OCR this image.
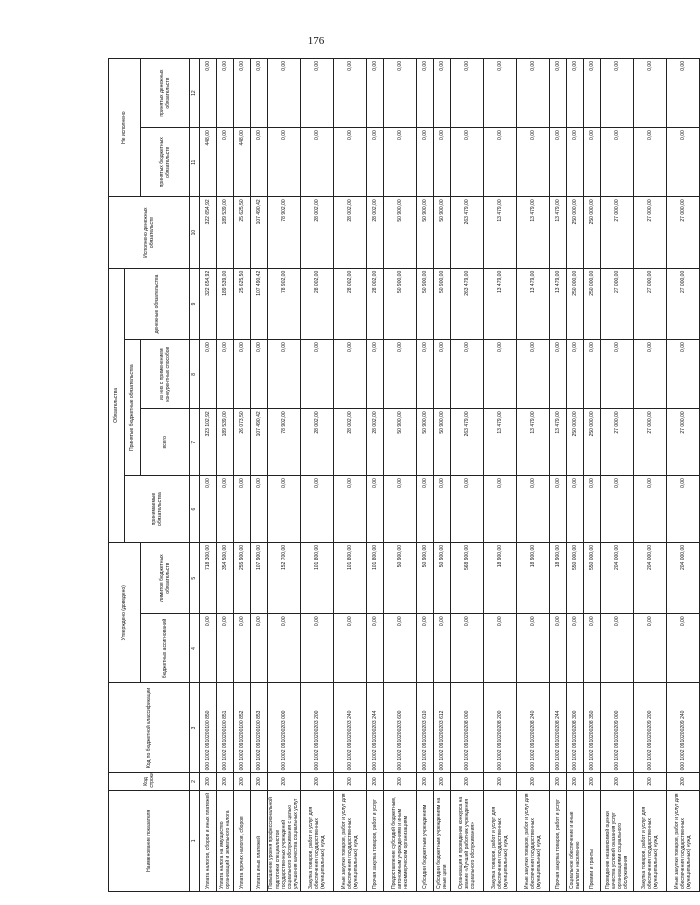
176
Наименование показателя	Код строки	Код по бюджетной классификации	Утверждено (доведено)		Обязательства				Исполнено денежных обязательств	Не исполнено	
					принимаемые обязательства	Принятые бюджетные обязательства		денежные обязательства			
			бюджетных ассигнований	лимитов бюджетных обязательств		всего	из них с применением конкурентных способов			принятых бюджетных обязательств	принятых денежных обязательств
1	2	3	4	5	6	7	8	9	10	11	12
Уплата налогов, сборов и иных платежей	200	000 1002 0910200100 850	0,00	718 300,00	0,00	323 102,92	0,00	322 654,92	322 654,92	448,00	0,00
Уплата налога на имущество организаций и земельного налога	200	000 1002 0910200100 851	0,00	354 500,00	0,00	189 539,00	0,00	189 539,00	189 539,00	0,00	0,00
Уплата прочих налогов, сборов	200	000 1002 0910200100 852	0,00	255 900,00	0,00	26 073,50	0,00	25 625,50	25 625,50	448,00	0,00
Уплата иных платежей	200	000 1002 0910200100 853	0,00	107 900,00	0,00	107 490,42	0,00	107 490,42	107 490,42	0,00	0,00
Повышение уровня профессиональной подготовки специалистов государственных учреждений социального обслуживания с целью улучшения качества социальных услуг	200	000 1002 0910200203 000	0,00	152 700,00	0,00	78 902,00	0,00	78 902,00	78 902,00	0,00	0,00
Закупка товаров, работ и услуг для обеспечения государственных (муниципальных) нужд	200	000 1002 0910200203 200	0,00	101 800,00	0,00	28 002,00	0,00	28 002,00	28 002,00	0,00	0,00
Иные закупки товаров, работ и услуг для обеспечения государственных (муниципальных) нужд	200	000 1002 0910200203 240	0,00	101 800,00	0,00	28 002,00	0,00	28 002,00	28 002,00	0,00	0,00
Прочая закупка товаров, работ и услуг	200	000 1002 0910200203 244	0,00	101 800,00	0,00	28 002,00	0,00	28 002,00	28 002,00	0,00	0,00
Предоставление субсидий бюджетным, автономным учреждениям и иным некоммерческим организациям	200	000 1002 0910200203 600	0,00	50 900,00	0,00	50 900,00	0,00	50 900,00	50 900,00	0,00	0,00
Субсидии бюджетным учреждениям	200	000 1002 0910200203 610	0,00	50 900,00	0,00	50 900,00	0,00	50 900,00	50 900,00	0,00	0,00
Субсидии бюджетным учреждениям на иные цели	200	000 1002 0910200203 612	0,00	50 900,00	0,00	50 900,00	0,00	50 900,00	50 900,00	0,00	0,00
Организация и проведение конкурса на звание «Лучший работник учреждения социального обслуживания»	200	000 1002 0910200208 000	0,00	568 900,00	0,00	263 479,00	0,00	263 479,00	263 479,00	0,00	0,00
Закупка товаров, работ и услуг для обеспечения государственных (муниципальных) нужд	200	000 1002 0910200208 200	0,00	18 900,00	0,00	13 479,00	0,00	13 479,00	13 479,00	0,00	0,00
Иные закупки товаров, работ и услуг для обеспечения государственных (муниципальных) нужд	200	000 1002 0910200208 240	0,00	18 900,00	0,00	13 479,00	0,00	13 479,00	13 479,00	0,00	0,00
Прочая закупка товаров, работ и услуг	200	000 1002 0910200208 244	0,00	18 900,00	0,00	13 479,00	0,00	13 479,00	13 479,00	0,00	0,00
Социальное обеспечение и иные выплаты населению	200	000 1002 0910200208 300	0,00	550 000,00	0,00	250 000,00	0,00	250 000,00	250 000,00	0,00	0,00
Премии и гранты	200	000 1002 0910200208 350	0,00	550 000,00	0,00	250 000,00	0,00	250 000,00	250 000,00	0,00	0,00
Проведение независимой оценки качества условий оказания услуг организациями социального обслуживания	200	000 1002 0910200209 000	0,00	204 000,00	0,00	27 000,00	0,00	27 000,00	27 000,00	0,00	0,00
Закупка товаров, работ и услуг для обеспечения государственных (муниципальных) нужд	200	000 1002 0910200209 200	0,00	204 000,00	0,00	27 000,00	0,00	27 000,00	27 000,00	0,00	0,00
Иные закупки товаров, работ и услуг для обеспечения государственных (муниципальных) нужд	200	000 1002 0910200209 240	0,00	204 000,00	0,00	27 000,00	0,00	27 000,00	27 000,00	0,00	0,00
